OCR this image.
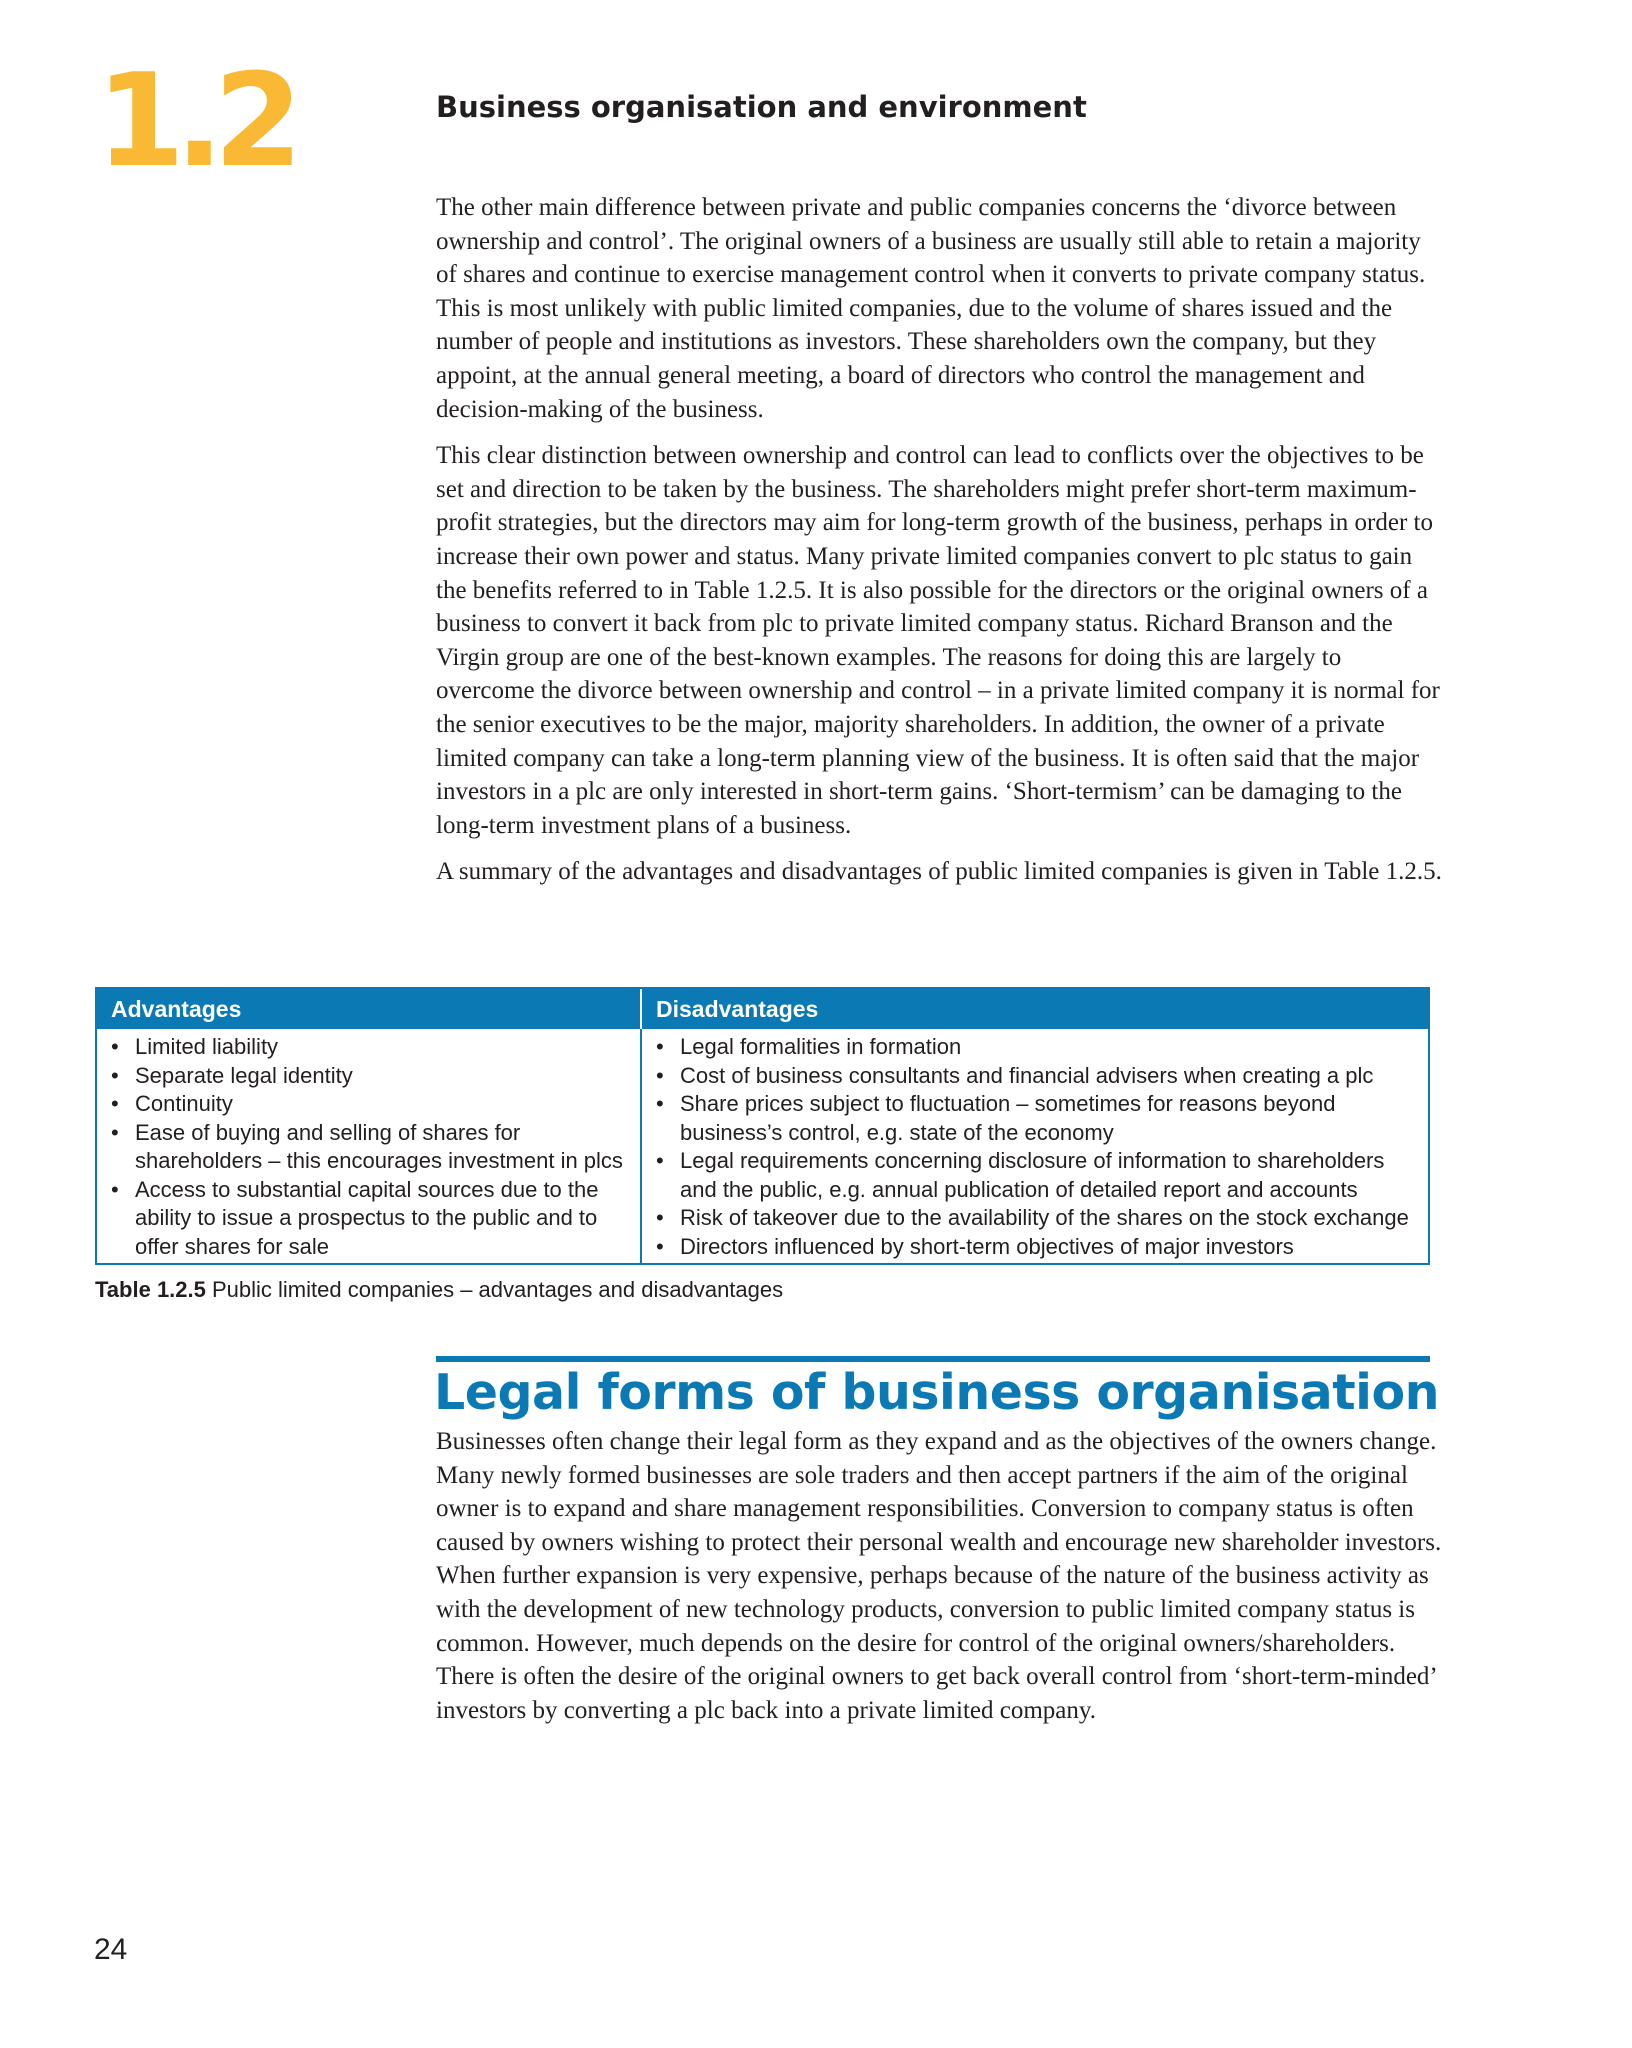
1.2	Business organisation and environment

The other main difference between private and public companies concerns the ‘divorce between ownership and control’. The original owners of a business are usually still able to retain a majority of shares and continue to exercise management control when it converts to private company status. This is most unlikely with public limited companies, due to the volume of shares issued and the number of people and institutions as investors. These shareholders own the company, but they appoint, at the annual general meeting, a board of directors who control the management and decision-making of the business.

This clear distinction between ownership and control can lead to conflicts over the objectives to be set and direction to be taken by the business. The shareholders might prefer short-term maximum-profit strategies, but the directors may aim for long-term growth of the business, perhaps in order to increase their own power and status. Many private limited companies convert to plc status to gain the benefits referred to in Table 1.2.5. It is also possible for the directors or the original owners of a business to convert it back from plc to private limited company status. Richard Branson and the Virgin group are one of the best-known examples. The reasons for doing this are largely to overcome the divorce between ownership and control – in a private limited company it is normal for the senior executives to be the major, majority shareholders. In addition, the owner of a private limited company can take a long-term planning view of the business. It is often said that the major investors in a plc are only interested in short-term gains. ‘Short-termism’ can be damaging to the long-term investment plans of a business.

A summary of the advantages and disadvantages of public limited companies is given in Table 1.2.5.

Advantages	Disadvantages
• Limited liability
• Separate legal identity
• Continuity
• Ease of buying and selling of shares for shareholders – this encourages investment in plcs
• Access to substantial capital sources due to the ability to issue a prospectus to the public and to offer shares for sale
• Legal formalities in formation
• Cost of business consultants and financial advisers when creating a plc
• Share prices subject to fluctuation – sometimes for reasons beyond business’s control, e.g. state of the economy
• Legal requirements concerning disclosure of information to shareholders and the public, e.g. annual publication of detailed report and accounts
• Risk of takeover due to the availability of the shares on the stock exchange
• Directors influenced by short-term objectives of major investors
Table 1.2.5 Public limited companies – advantages and disadvantages
Legal forms of business organisation

Businesses often change their legal form as they expand and as the objectives of the owners change. Many newly formed businesses are sole traders and then accept partners if the aim of the original owner is to expand and share management responsibilities. Conversion to company status is often caused by owners wishing to protect their personal wealth and encourage new shareholder investors. When further expansion is very expensive, perhaps because of the nature of the business activity as with the development of new technology products, conversion to public limited company status is common. However, much depends on the desire for control of the original owners/shareholders. There is often the desire of the original owners to get back overall control from ‘short-term-minded’ investors by converting a plc back into a private limited company.

24
